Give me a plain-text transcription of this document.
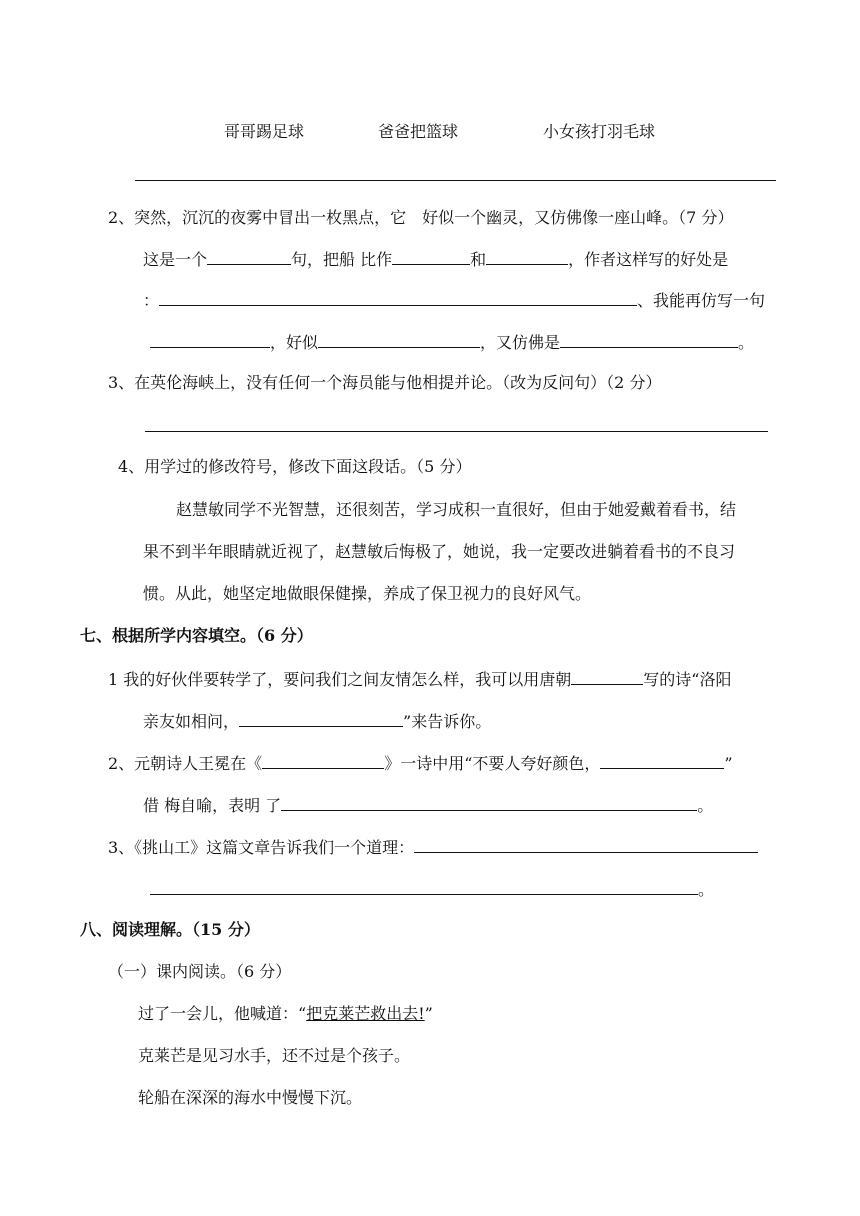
哥哥踢足球	爸爸把篮球	小女孩打羽毛球
2、突然，沉沉的夜雾中冒出一枚黑点，它　好似一个幽灵，又仿佛像一座山峰。（7 分）
这是一个	句，把船 比作	和	，作者这样写的好处是
：	、我能再仿写一句
，好似	，又仿佛是	。
3、在英伦海峡上，没有任何一个海员能与他相提并论。（改为反问句）（2 分）
4、用学过的修改符号，修改下面这段话。（5 分）
赵慧敏同学不光智慧，还很刻苦，学习成积一直很好，但由于她爱戴着看书，结
果不到半年眼睛就近视了，赵慧敏后悔极了，她说，我一定要改进躺着看书的不良习
惯。从此，她坚定地做眼保健操，养成了保卫视力的良好风气。
七、根据所学内容填空。（6 分）
1 我的好伙伴要转学了，要问我们之间友情怎么样，我可以用唐朝	写的诗“洛阳
亲友如相问，	”来告诉你。
2、元朝诗人王冕在《	》一诗中用“不要人夸好颜色，	”
借 梅自喻，表明 了	。
3、《挑山工》这篇文章告诉我们一个道理：
。
八、阅读理解。（15 分）
（一）课内阅读。（6 分）
过了一会儿，他喊道：“把克莱芒救出去!”
克莱芒是见习水手，还不过是个孩子。
轮船在深深的海水中慢慢下沉。
